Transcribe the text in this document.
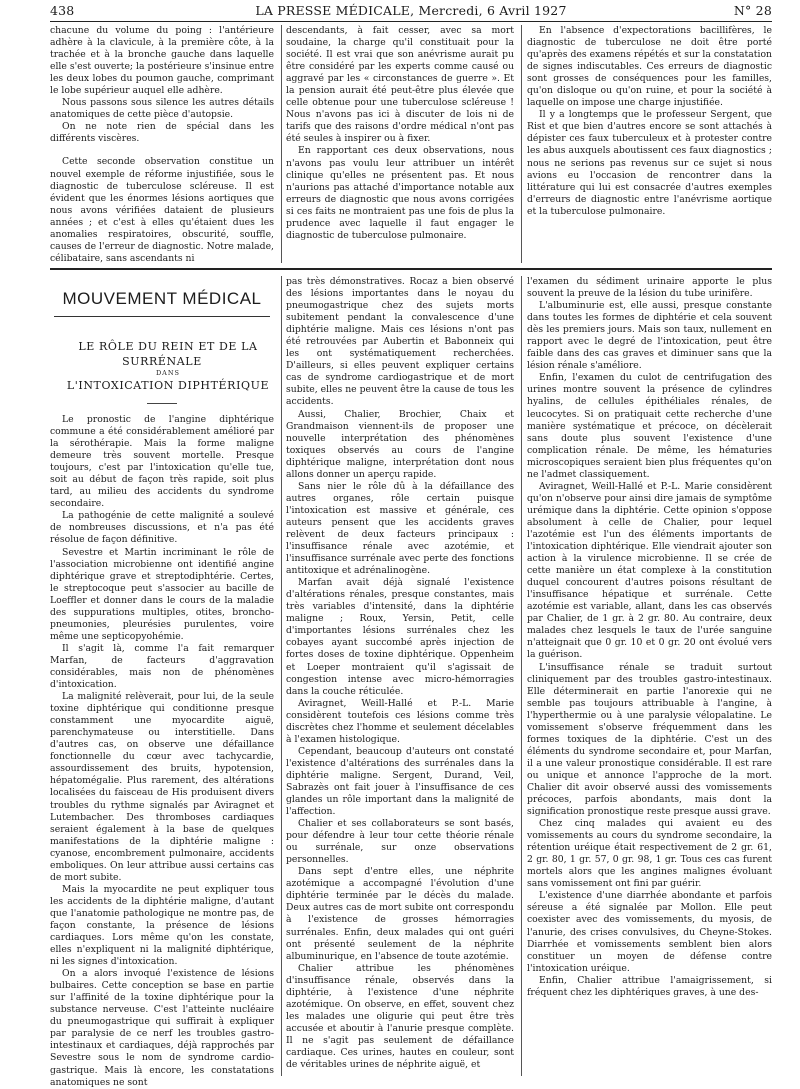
438	LA PRESSE MÉDICALE, Mercredi, 6 Avril 1927	N° 28

chacune du volume du poing : l'antérieure adhère à la clavicule, à la première côte, à la trachée et à la bronche gauche dans laquelle elle s'est ouverte; la postérieure s'insinue entre les deux lobes du poumon gauche, comprimant le lobe supérieur auquel elle adhère.

Nous passons sous silence les autres détails anatomiques de cette pièce d'autopsie.

On ne note rien de spécial dans les différents viscères.

Cette seconde observation constitue un nouvel exemple de réforme injustifiée, sous le diagnostic de tuberculose scléreuse. Il est évident que les énormes lésions aortiques que nous avons vérifiées dataient de plusieurs années ; et c'est à elles qu'étaient dues les anomalies respiratoires, obscurité, souffle, causes de l'erreur de diagnostic. Notre malade, célibataire, sans ascendants ni

descendants, à fait cesser, avec sa mort soudaine, la charge qu'il constituait pour la société. Il est vrai que son anévrisme aurait pu être considéré par les experts comme causé ou aggravé par les « circonstances de guerre ». Et la pension aurait été peut-être plus élevée que celle obtenue pour une tuberculose scléreuse ! Nous n'avons pas ici à discuter de lois ni de tarifs que des raisons d'ordre médical n'ont pas été seules à inspirer ou à fixer.

En rapportant ces deux observations, nous n'avons pas voulu leur attribuer un intérêt clinique qu'elles ne présentent pas. Et nous n'aurions pas attaché d'importance notable aux erreurs de diagnostic que nous avons corrigées si ces faits ne montraient pas une fois de plus la prudence avec laquelle il faut engager le diagnostic de tuberculose pulmonaire.

En l'absence d'expectorations bacillifères, le diagnostic de tuberculose ne doit être porté qu'après des examens répétés et sur la constatation de signes indiscutables. Ces erreurs de diagnostic sont grosses de conséquences pour les familles, qu'on disloque ou qu'on ruine, et pour la société à laquelle on impose une charge injustifiée.

Il y a longtemps que le professeur Sergent, que Rist et que bien d'autres encore se sont attachés à dépister ces faux tuberculeux et à protester contre les abus auxquels aboutissent ces faux diagnostics ; nous ne serions pas revenus sur ce sujet si nous avions eu l'occasion de rencontrer dans la littérature qui lui est consacrée d'autres exemples d'erreurs de diagnostic entre l'anévrisme aortique et la tuberculose pulmonaire.

MOUVEMENT MÉDICAL

LE RÔLE DU REIN ET DE LA SURRÉNALE

DANS

L'INTOXICATION DIPHTÉRIQUE

Le pronostic de l'angine diphtérique commune a été considérablement amélioré par la sérothérapie. Mais la forme maligne demeure très souvent mortelle. Presque toujours, c'est par l'intoxication qu'elle tue, soit au début de façon très rapide, soit plus tard, au milieu des accidents du syndrome secondaire.

La pathogénie de cette malignité a soulevé de nombreuses discussions, et n'a pas été résolue de façon définitive.

Sevestre et Martin incriminant le rôle de l'association microbienne ont identifié angine diphtérique grave et streptodiphtérie. Certes, le streptocoque peut s'associer au bacille de Loeffler et donner dans le cours de la maladie des suppurations multiples, otites, broncho-pneumonies, pleurésies purulentes, voire même une septicopyohémie.

Il s'agit là, comme l'a fait remarquer Marfan, de facteurs d'aggravation considérables, mais non de phénomènes d'intoxication.

La malignité relèverait, pour lui, de la seule toxine diphtérique qui conditionne presque constamment une myocardite aiguë, parenchymateuse ou interstitielle. Dans d'autres cas, on observe une défaillance fonctionnelle du cœur avec tachycardie, assourdissement des bruits, hypotension, hépatomégalie. Plus rarement, des altérations localisées du faisceau de His produisent divers troubles du rythme signalés par Aviragnet et Lutembacher. Des thromboses cardiaques seraient également à la base de quelques manifestations de la diphtérie maligne : cyanose, encombrement pulmonaire, accidents emboliques. On leur attribue aussi certains cas de mort subite.

Mais la myocardite ne peut expliquer tous les accidents de la diphtérie maligne, d'autant que l'anatomie pathologique ne montre pas, de façon constante, la présence de lésions cardiaques. Lors même qu'on les constate, elles n'expliquent ni la malignité diphtérique, ni les signes d'intoxication.

On a alors invoqué l'existence de lésions bulbaires. Cette conception se base en partie sur l'affinité de la toxine diphtérique pour la substance nerveuse. C'est l'atteinte nucléaire du pneumogastrique qui suffirait à expliquer par paralysie de ce nerf les troubles gastro-intestinaux et cardiaques, déjà rapprochés par Sevestre sous le nom de syndrome cardio-gastrique. Mais là encore, les constatations anatomiques ne sont

pas très démonstratives. Rocaz a bien observé des lésions importantes dans le noyau du pneumogastrique chez des sujets morts subitement pendant la convalescence d'une diphtérie maligne. Mais ces lésions n'ont pas été retrouvées par Aubertin et Babonneix qui les ont systématiquement recherchées. D'ailleurs, si elles peuvent expliquer certains cas de syndrome cardiogastrique et de mort subite, elles ne peuvent être la cause de tous les accidents.

Aussi, Chalier, Brochier, Chaix et Grandmaison viennent-ils de proposer une nouvelle interprétation des phénomènes toxiques observés au cours de l'angine diphtérique maligne, interprétation dont nous allons donner un aperçu rapide.

Sans nier le rôle dû à la défaillance des autres organes, rôle certain puisque l'intoxication est massive et générale, ces auteurs pensent que les accidents graves relèvent de deux facteurs principaux : l'insuffisance rénale avec azotémie, et l'insuffisance surrénale avec perte des fonctions antitoxique et adrénalinogène.

Marfan avait déjà signalé l'existence d'altérations rénales, presque constantes, mais très variables d'intensité, dans la diphtérie maligne ; Roux, Yersin, Petit, celle d'importantes lésions surrénales chez les cobayes ayant succombé après injection de fortes doses de toxine diphtérique. Oppenheim et Loeper montraient qu'il s'agissait de congestion intense avec micro-hémorragies dans la couche réticulée.

Aviragnet, Weill-Hallé et P.-L. Marie considèrent toutefois ces lésions comme très discrètes chez l'homme et seulement décelables à l'examen histologique.

Cependant, beaucoup d'auteurs ont constaté l'existence d'altérations des surrénales dans la diphtérie maligne. Sergent, Durand, Veil, Sabrazès ont fait jouer à l'insuffisance de ces glandes un rôle important dans la malignité de l'affection.

Chalier et ses collaborateurs se sont basés, pour défendre à leur tour cette théorie rénale ou surrénale, sur onze observations personnelles.

Dans sept d'entre elles, une néphrite azotémique a accompagné l'évolution d'une diphtérie terminée par le décès du malade. Deux autres cas de mort subite ont correspondu à l'existence de grosses hémorragies surrénales. Enfin, deux malades qui ont guéri ont présenté seulement de la néphrite albuminurique, en l'absence de toute azotémie.

Chalier attribue les phénomènes d'insuffisance rénale, observés dans la diphtérie, à l'existence d'une néphrite azotémique. On observe, en effet, souvent chez les malades une oligurie qui peut être très accusée et aboutir à l'anurie presque complète. Il ne s'agit pas seulement de défaillance cardiaque. Ces urines, hautes en couleur, sont de véritables urines de néphrite aiguë, et

l'examen du sédiment urinaire apporte le plus souvent la preuve de la lésion du tube urinifère.

L'albuminurie est, elle aussi, presque constante dans toutes les formes de diphtérie et cela souvent dès les premiers jours. Mais son taux, nullement en rapport avec le degré de l'intoxication, peut être faible dans des cas graves et diminuer sans que la lésion rénale s'améliore.

Enfin, l'examen du culot de centrifugation des urines montre souvent la présence de cylindres hyalins, de cellules épithéliales rénales, de leucocytes. Si on pratiquait cette recherche d'une manière systématique et précoce, on décèlerait sans doute plus souvent l'existence d'une complication rénale. De même, les hématuries microscopiques seraient bien plus fréquentes qu'on ne l'admet classiquement.

Aviragnet, Weill-Hallé et P.-L. Marie considèrent qu'on n'observe pour ainsi dire jamais de symptôme urémique dans la diphtérie. Cette opinion s'oppose absolument à celle de Chalier, pour lequel l'azotémie est l'un des éléments importants de l'intoxication diphtérique. Elle viendrait ajouter son action à la virulence microbienne. Il se crée de cette manière un état complexe à la constitution duquel concourent d'autres poisons résultant de l'insuffisance hépatique et surrénale. Cette azotémie est variable, allant, dans les cas observés par Chalier, de 1 gr. à 2 gr. 80. Au contraire, deux malades chez lesquels le taux de l'urée sanguine n'atteignait que 0 gr. 10 et 0 gr. 20 ont évolué vers la guérison.

L'insuffisance rénale se traduit surtout cliniquement par des troubles gastro-intestinaux. Elle déterminerait en partie l'anorexie qui ne semble pas toujours attribuable à l'angine, à l'hyperthermie ou à une paralysie vélopalatine. Le vomissement s'observe fréquemment dans les formes toxiques de la diphtérie. C'est un des éléments du syndrome secondaire et, pour Marfan, il a une valeur pronostique considérable. Il est rare ou unique et annonce l'approche de la mort. Chalier dit avoir observé aussi des vomissements précoces, parfois abondants, mais dont la signification pronostique reste presque aussi grave.

Chez cinq malades qui avaient eu des vomissements au cours du syndrome secondaire, la rétention uréique était respectivement de 2 gr. 61, 2 gr. 80, 1 gr. 57, 0 gr. 98, 1 gr. Tous ces cas furent mortels alors que les angines malignes évoluant sans vomissement ont fini par guérir.

L'existence d'une diarrhée abondante et parfois séreuse a été signalée par Mollon. Elle peut coexister avec des vomissements, du myosis, de l'anurie, des crises convulsives, du Cheyne-Stokes. Diarrhée et vomissements semblent bien alors constituer un moyen de défense contre l'intoxication uréique.

Enfin, Chalier attribue l'amaigrissement, si fréquent chez les diphtériques graves, à une des-
